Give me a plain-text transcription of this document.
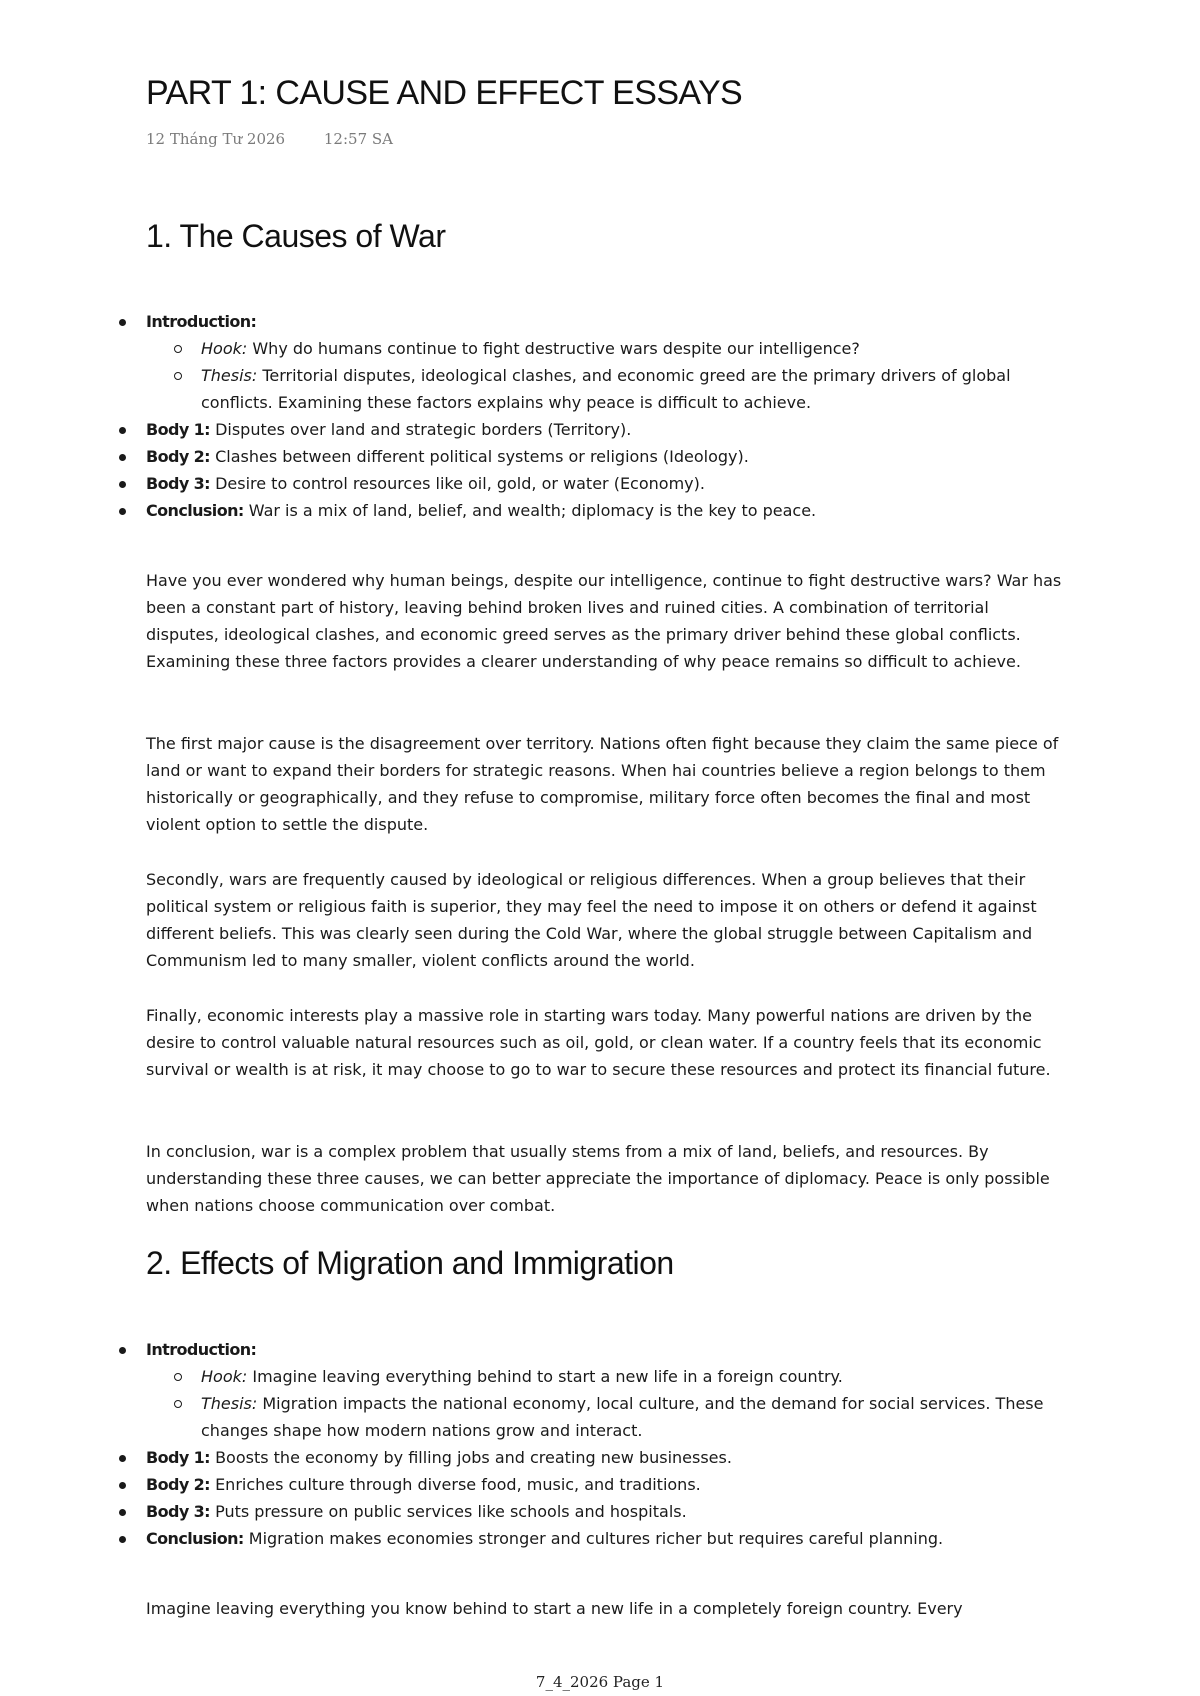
PART 1: CAUSE AND EFFECT ESSAYS
12 Tháng Tư 2026	12:57 SA
1. The Causes of War
Introduction:
Hook: Why do humans continue to fight destructive wars despite our intelligence?
Thesis: Territorial disputes, ideological clashes, and economic greed are the primary drivers of global conflicts. Examining these factors explains why peace is difficult to achieve.
Body 1: Disputes over land and strategic borders (Territory).
Body 2: Clashes between different political systems or religions (Ideology).
Body 3: Desire to control resources like oil, gold, or water (Economy).
Conclusion: War is a mix of land, belief, and wealth; diplomacy is the key to peace.

Have you ever wondered why human beings, despite our intelligence, continue to fight destructive wars? War has been a constant part of history, leaving behind broken lives and ruined cities. A combination of territorial disputes, ideological clashes, and economic greed serves as the primary driver behind these global conflicts. Examining these three factors provides a clearer understanding of why peace remains so difficult to achieve.

The first major cause is the disagreement over territory. Nations often fight because they claim the same piece of land or want to expand their borders for strategic reasons. When hai countries believe a region belongs to them historically or geographically, and they refuse to compromise, military force often becomes the final and most violent option to settle the dispute.

Secondly, wars are frequently caused by ideological or religious differences. When a group believes that their political system or religious faith is superior, they may feel the need to impose it on others or defend it against different beliefs. This was clearly seen during the Cold War, where the global struggle between Capitalism and Communism led to many smaller, violent conflicts around the world.

Finally, economic interests play a massive role in starting wars today. Many powerful nations are driven by the desire to control valuable natural resources such as oil, gold, or clean water. If a country feels that its economic survival or wealth is at risk, it may choose to go to war to secure these resources and protect its financial future.

In conclusion, war is a complex problem that usually stems from a mix of land, beliefs, and resources. By understanding these three causes, we can better appreciate the importance of diplomacy. Peace is only possible when nations choose communication over combat.

2. Effects of Migration and Immigration
Introduction:
Hook: Imagine leaving everything behind to start a new life in a foreign country.
Thesis: Migration impacts the national economy, local culture, and the demand for social services. These changes shape how modern nations grow and interact.
Body 1: Boosts the economy by filling jobs and creating new businesses.
Body 2: Enriches culture through diverse food, music, and traditions.
Body 3: Puts pressure on public services like schools and hospitals.
Conclusion: Migration makes economies stronger and cultures richer but requires careful planning.

Imagine leaving everything you know behind to start a new life in a completely foreign country. Every

7_4_2026 Page 1
